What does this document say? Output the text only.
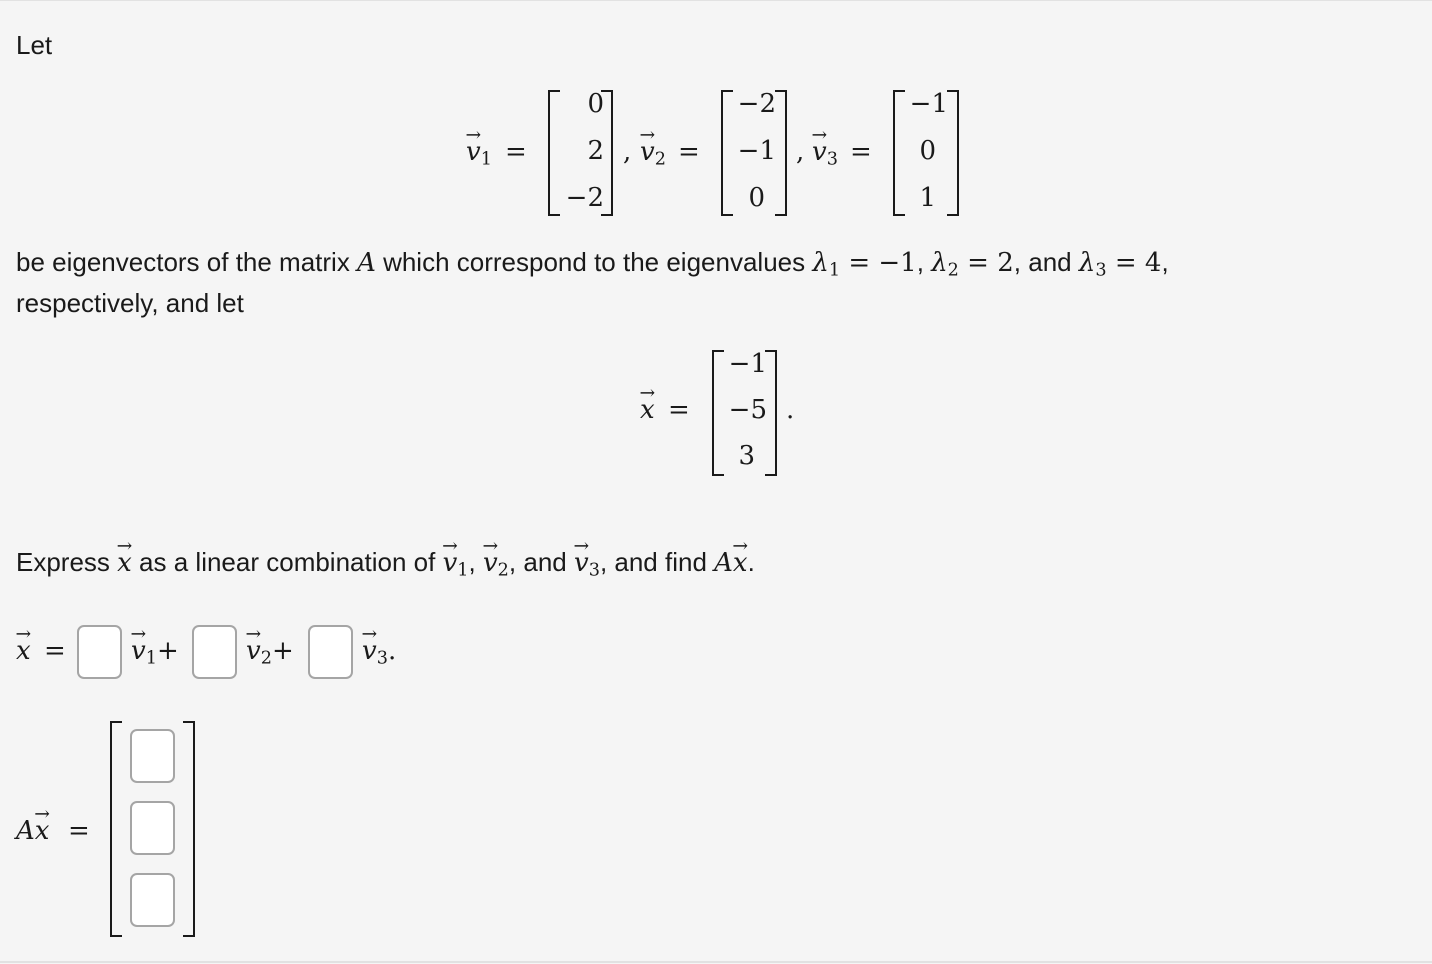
Let
→ $v_1$ =
0
2
−2
, → $v_2$ =
−2
−1
0
, → $v_3$ =
−1
0
1
be eigenvectors of the matrix A which correspond to the eigenvalues $\lambda_1 = -1$, $\lambda_2 = 2$, and $\lambda_3 = 4$,
respectively, and let
→ x =
−1
−5
3
.
Express → x as a linear combination of → $v_1$, → $v_2$, and → $v_3$, and find A→ x.
→ x =	→ $v_1+$	→ $v_2+$	→ $v_3$.
A→ x =
